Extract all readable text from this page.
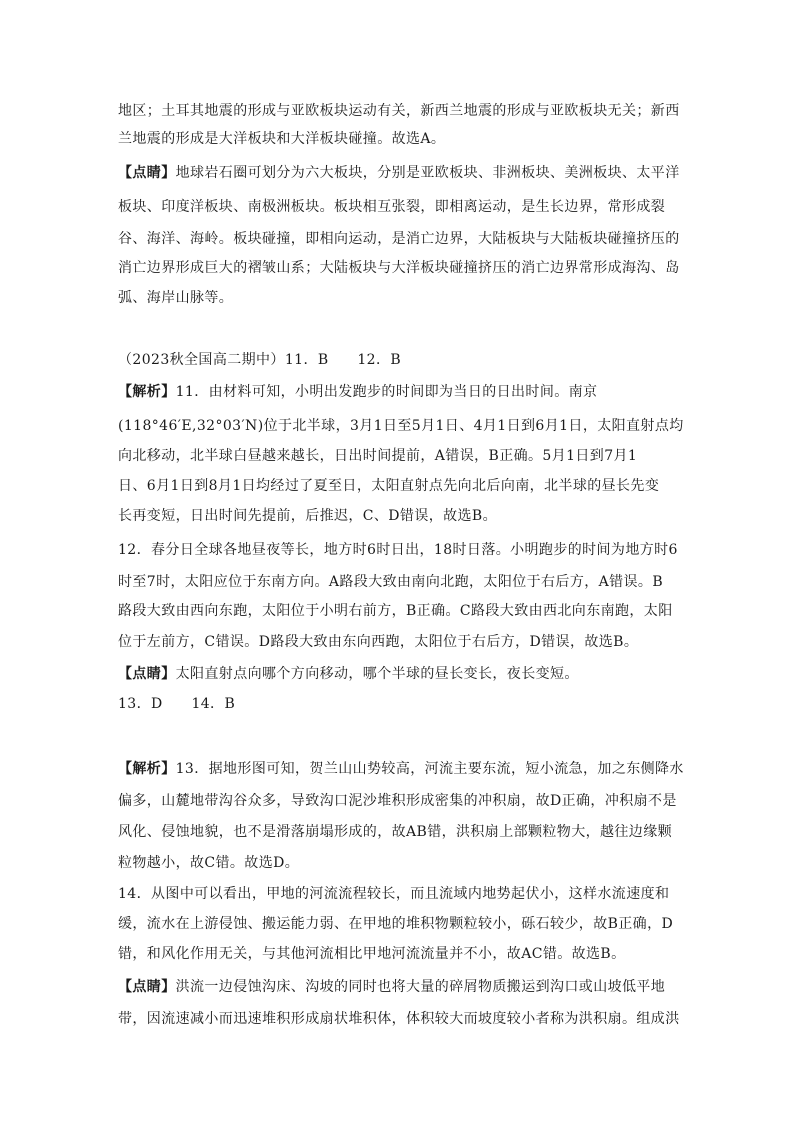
地区；土耳其地震的形成与亚欧板块运动有关，新西兰地震的形成与亚欧板块无关；新西
兰地震的形成是大洋板块和大洋板块碰撞。故选A。
【点睛】地球岩石圈可划分为六大板块，分别是亚欧板块、非洲板块、美洲板块、太平洋
板块、印度洋板块、南极洲板块。板块相互张裂，即相离运动，是生长边界，常形成裂
谷、海洋、海岭。板块碰撞，即相向运动，是消亡边界，大陆板块与大陆板块碰撞挤压的
消亡边界形成巨大的褶皱山系；大陆板块与大洋板块碰撞挤压的消亡边界常形成海沟、岛
弧、海岸山脉等。
（2023秋全国高二期中）11．B　　12．B
【解析】11．由材料可知，小明出发跑步的时间即为当日的日出时间。南京
(118°46′E,32°03′N)位于北半球，3月1日至5月1日、4月1日到6月1日，太阳直射点均
向北移动，北半球白昼越来越长，日出时间提前，A错误，B正确。5月1日到7月1
日、6月1日到8月1日均经过了夏至日，太阳直射点先向北后向南，北半球的昼长先变
长再变短，日出时间先提前，后推迟，C、D错误，故选B。
12．春分日全球各地昼夜等长，地方时6时日出，18时日落。小明跑步的时间为地方时6
时至7时，太阳应位于东南方向。A路段大致由南向北跑，太阳位于右后方，A错误。B
路段大致由西向东跑，太阳位于小明右前方，B正确。C路段大致由西北向东南跑，太阳
位于左前方，C错误。D路段大致由东向西跑，太阳位于右后方，D错误，故选B。
【点睛】太阳直射点向哪个方向移动，哪个半球的昼长变长，夜长变短。
13．D　　14．B
【解析】13．据地形图可知，贺兰山山势较高，河流主要东流，短小流急，加之东侧降水
偏多，山麓地带沟谷众多，导致沟口泥沙堆积形成密集的冲积扇，故D正确，冲积扇不是
风化、侵蚀地貌，也不是滑落崩塌形成的，故AB错，洪积扇上部颗粒物大，越往边缘颗
粒物越小，故C错。故选D。
14．从图中可以看出，甲地的河流流程较长，而且流域内地势起伏小，这样水流速度和
缓，流水在上游侵蚀、搬运能力弱、在甲地的堆积物颗粒较小，砾石较少，故B正确，D
错，和风化作用无关，与其他河流相比甲地河流流量并不小，故AC错。故选B。
【点睛】洪流一边侵蚀沟床、沟坡的同时也将大量的碎屑物质搬运到沟口或山坡低平地
带，因流速减小而迅速堆积形成扇状堆积体，体积较大而坡度较小者称为洪积扇。组成洪
